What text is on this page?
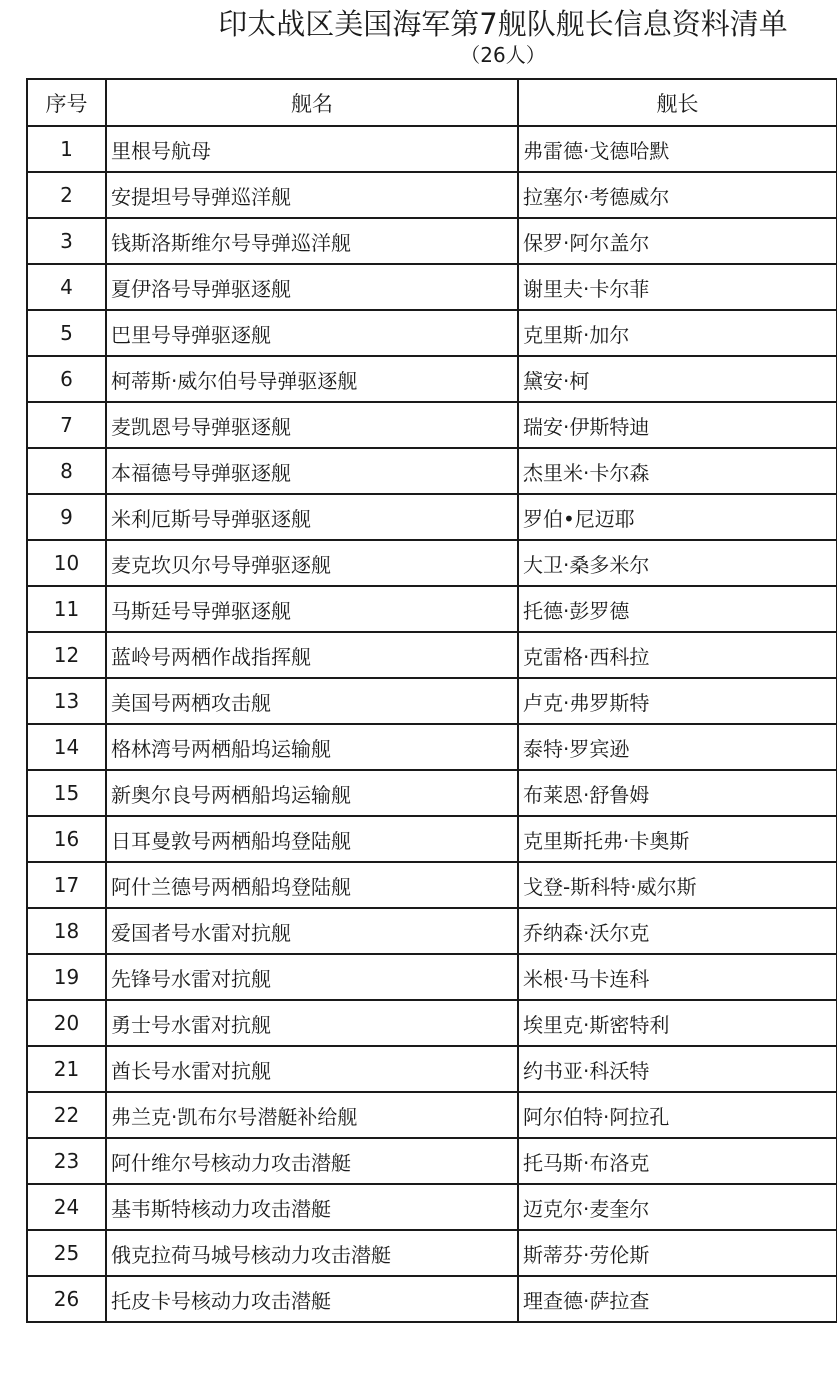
印太战区美国海军第7舰队舰长信息资料清单
（26人）
序号	舰名	舰长	
1	里根号航母	弗雷德·戈德哈默	
2	安提坦号导弹巡洋舰	拉塞尔·考德威尔	
3	钱斯洛斯维尔号导弹巡洋舰	保罗·阿尔盖尔	
4	夏伊洛号导弹驱逐舰	谢里夫·卡尔菲	
5	巴里号导弹驱逐舰	克里斯·加尔	
6	柯蒂斯·威尔伯号导弹驱逐舰	黛安·柯	
7	麦凯恩号导弹驱逐舰	瑞安·伊斯特迪	
8	本福德号导弹驱逐舰	杰里米·卡尔森	
9	米利厄斯号导弹驱逐舰	罗伯•尼迈耶	
10	麦克坎贝尔号导弹驱逐舰	大卫·桑多米尔	
11	马斯廷号导弹驱逐舰	托德·彭罗德	
12	蓝岭号两栖作战指挥舰	克雷格·西科拉	
13	美国号两栖攻击舰	卢克·弗罗斯特	
14	格林湾号两栖船坞运输舰	泰特·罗宾逊	
15	新奥尔良号两栖船坞运输舰	布莱恩·舒鲁姆	
16	日耳曼敦号两栖船坞登陆舰	克里斯托弗·卡奥斯	
17	阿什兰德号两栖船坞登陆舰	戈登-斯科特·威尔斯	
18	爱国者号水雷对抗舰	乔纳森·沃尔克	
19	先锋号水雷对抗舰	米根·马卡连科	
20	勇士号水雷对抗舰	埃里克·斯密特利	
21	酋长号水雷对抗舰	约书亚·科沃特	
22	弗兰克·凯布尔号潜艇补给舰	阿尔伯特·阿拉孔	
23	阿什维尔号核动力攻击潜艇	托马斯·布洛克	
24	基韦斯特核动力攻击潜艇	迈克尔·麦奎尔	
25	俄克拉荷马城号核动力攻击潜艇	斯蒂芬·劳伦斯	
26	托皮卡号核动力攻击潜艇	理查德·萨拉查	
